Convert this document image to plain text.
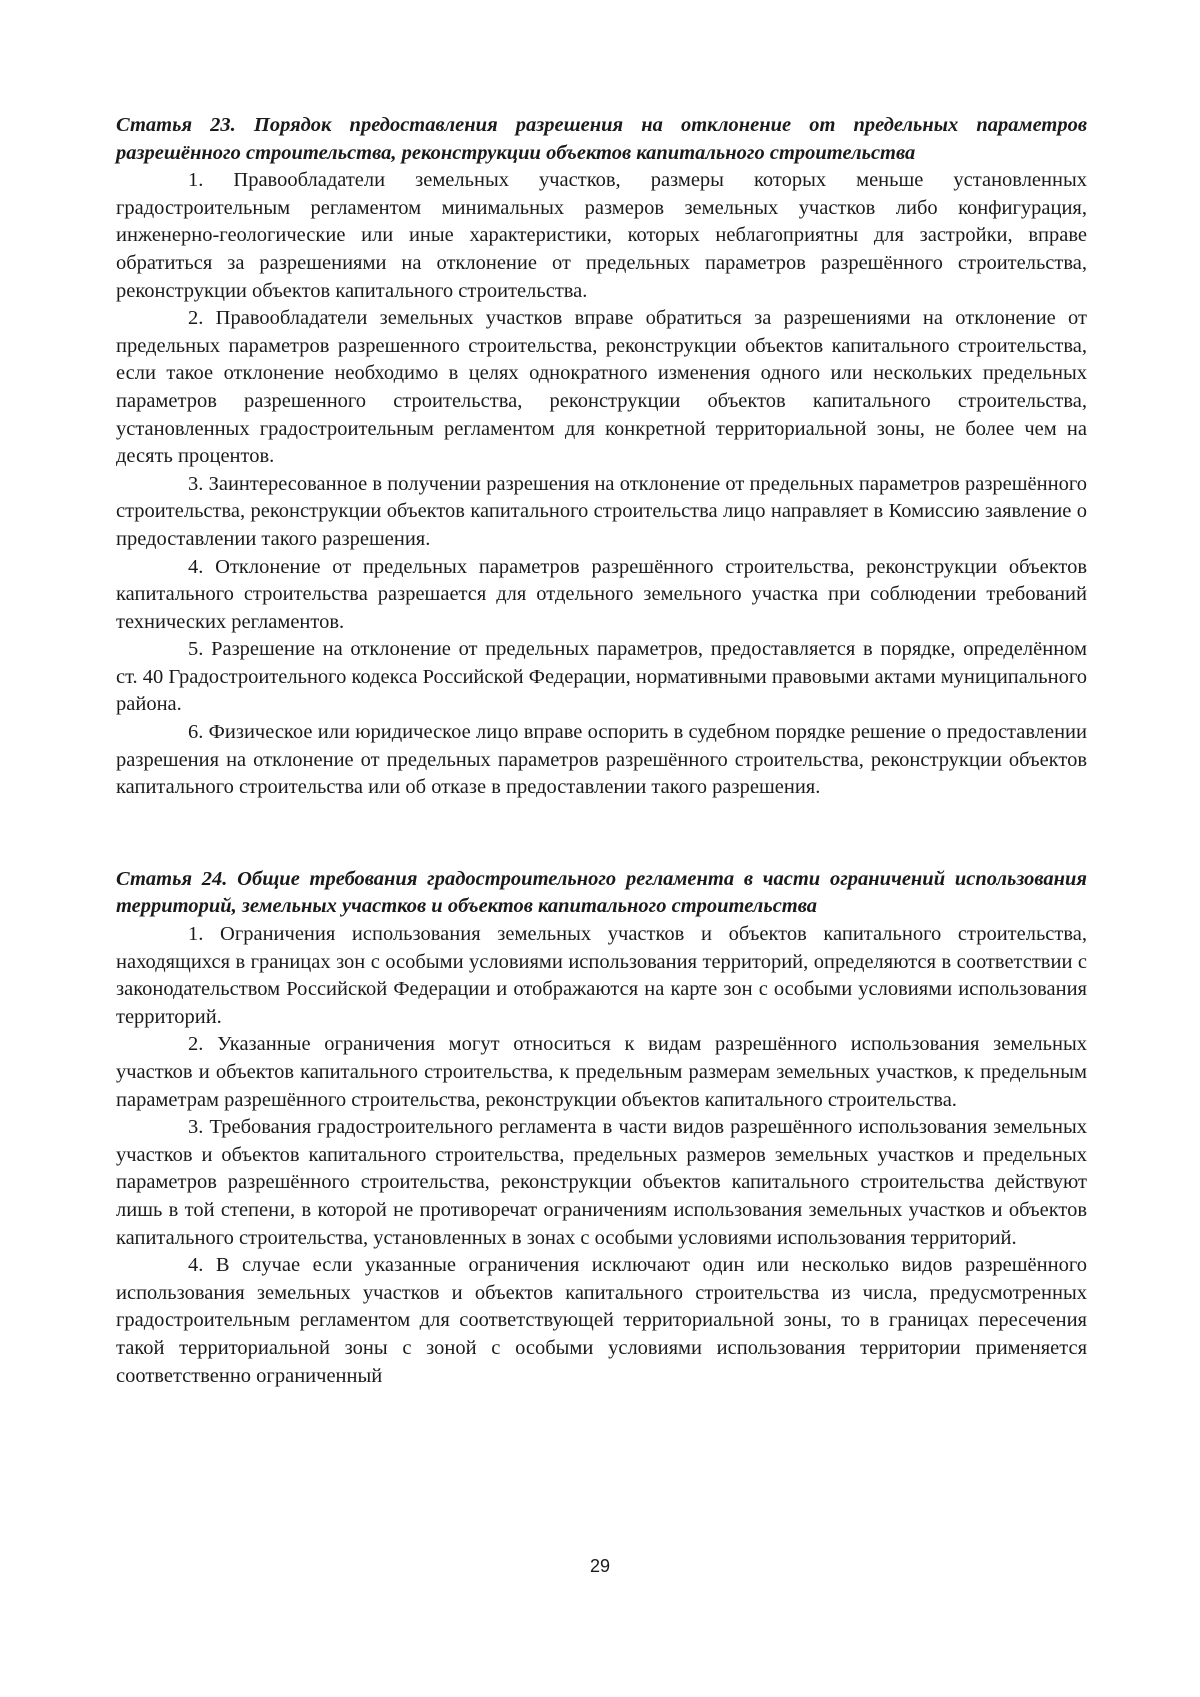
Статья 23. Порядок предоставления разрешения на отклонение от предельных параметров разрешённого строительства, реконструкции объектов капитального строительства

1. Правообладатели земельных участков, размеры которых меньше установленных градостроительным регламентом минимальных размеров земельных участков либо конфигурация, инженерно-геологические или иные характеристики, которых неблагоприятны для застройки, вправе обратиться за разрешениями на отклонение от предельных параметров разрешённого строительства, реконструкции объектов капитального строительства.

2. Правообладатели земельных участков вправе обратиться за разрешениями на отклонение от предельных параметров разрешенного строительства, реконструкции объектов капитального строительства, если такое отклонение необходимо в целях однократного изменения одного или нескольких предельных параметров разрешенного строительства, реконструкции объектов капитального строительства, установленных градостроительным регламентом для конкретной территориальной зоны, не более чем на десять процентов.

3. Заинтересованное в получении разрешения на отклонение от предельных параметров разрешённого строительства, реконструкции объектов капитального строительства лицо направляет в Комиссию заявление о предоставлении такого разрешения.

4. Отклонение от предельных параметров разрешённого строительства, реконструкции объектов капитального строительства разрешается для отдельного земельного участка при соблюдении требований технических регламентов.

5. Разрешение на отклонение от предельных параметров, предоставляется в порядке, определённом ст. 40 Градостроительного кодекса Российской Федерации, нормативными правовыми актами муниципального района.

6. Физическое или юридическое лицо вправе оспорить в судебном порядке решение о предоставлении разрешения на отклонение от предельных параметров разрешённого строительства, реконструкции объектов капитального строительства или об отказе в предоставлении такого разрешения.

Статья 24. Общие требования градостроительного регламента в части ограничений использования территорий, земельных участков и объектов капитального строительства

1. Ограничения использования земельных участков и объектов капитального строительства, находящихся в границах зон с особыми условиями использования территорий, определяются в соответствии с законодательством Российской Федерации и отображаются на карте зон с особыми условиями использования территорий.

2. Указанные ограничения могут относиться к видам разрешённого использования земельных участков и объектов капитального строительства, к предельным размерам земельных участков, к предельным параметрам разрешённого строительства, реконструкции объектов капитального строительства.

3. Требования градостроительного регламента в части видов разрешённого использования земельных участков и объектов капитального строительства, предельных размеров земельных участков и предельных параметров разрешённого строительства, реконструкции объектов капитального строительства действуют лишь в той степени, в которой не противоречат ограничениям использования земельных участков и объектов капитального строительства, установленных в зонах с особыми условиями использования территорий.

4. В случае если указанные ограничения исключают один или несколько видов разрешённого использования земельных участков и объектов капитального строительства из числа, предусмотренных градостроительным регламентом для соответствующей территориальной зоны, то в границах пересечения такой территориальной зоны с зоной с особыми условиями использования территории применяется соответственно ограниченный

29
